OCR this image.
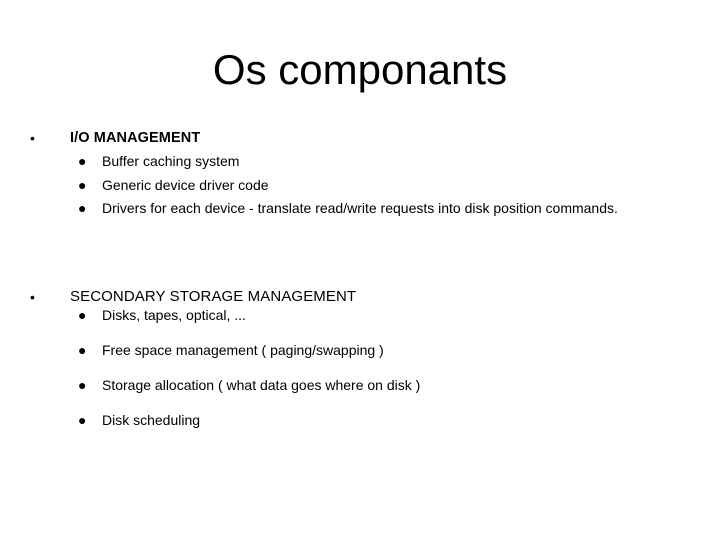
Os componants
• I/O MANAGEMENT
● Buffer caching system
● Generic device driver code
● Drivers for each device - translate read/write requests into disk position commands.
• SECONDARY STORAGE MANAGEMENT
● Disks, tapes, optical, ...
● Free space management ( paging/swapping )
● Storage allocation ( what data goes where on disk )
● Disk scheduling
